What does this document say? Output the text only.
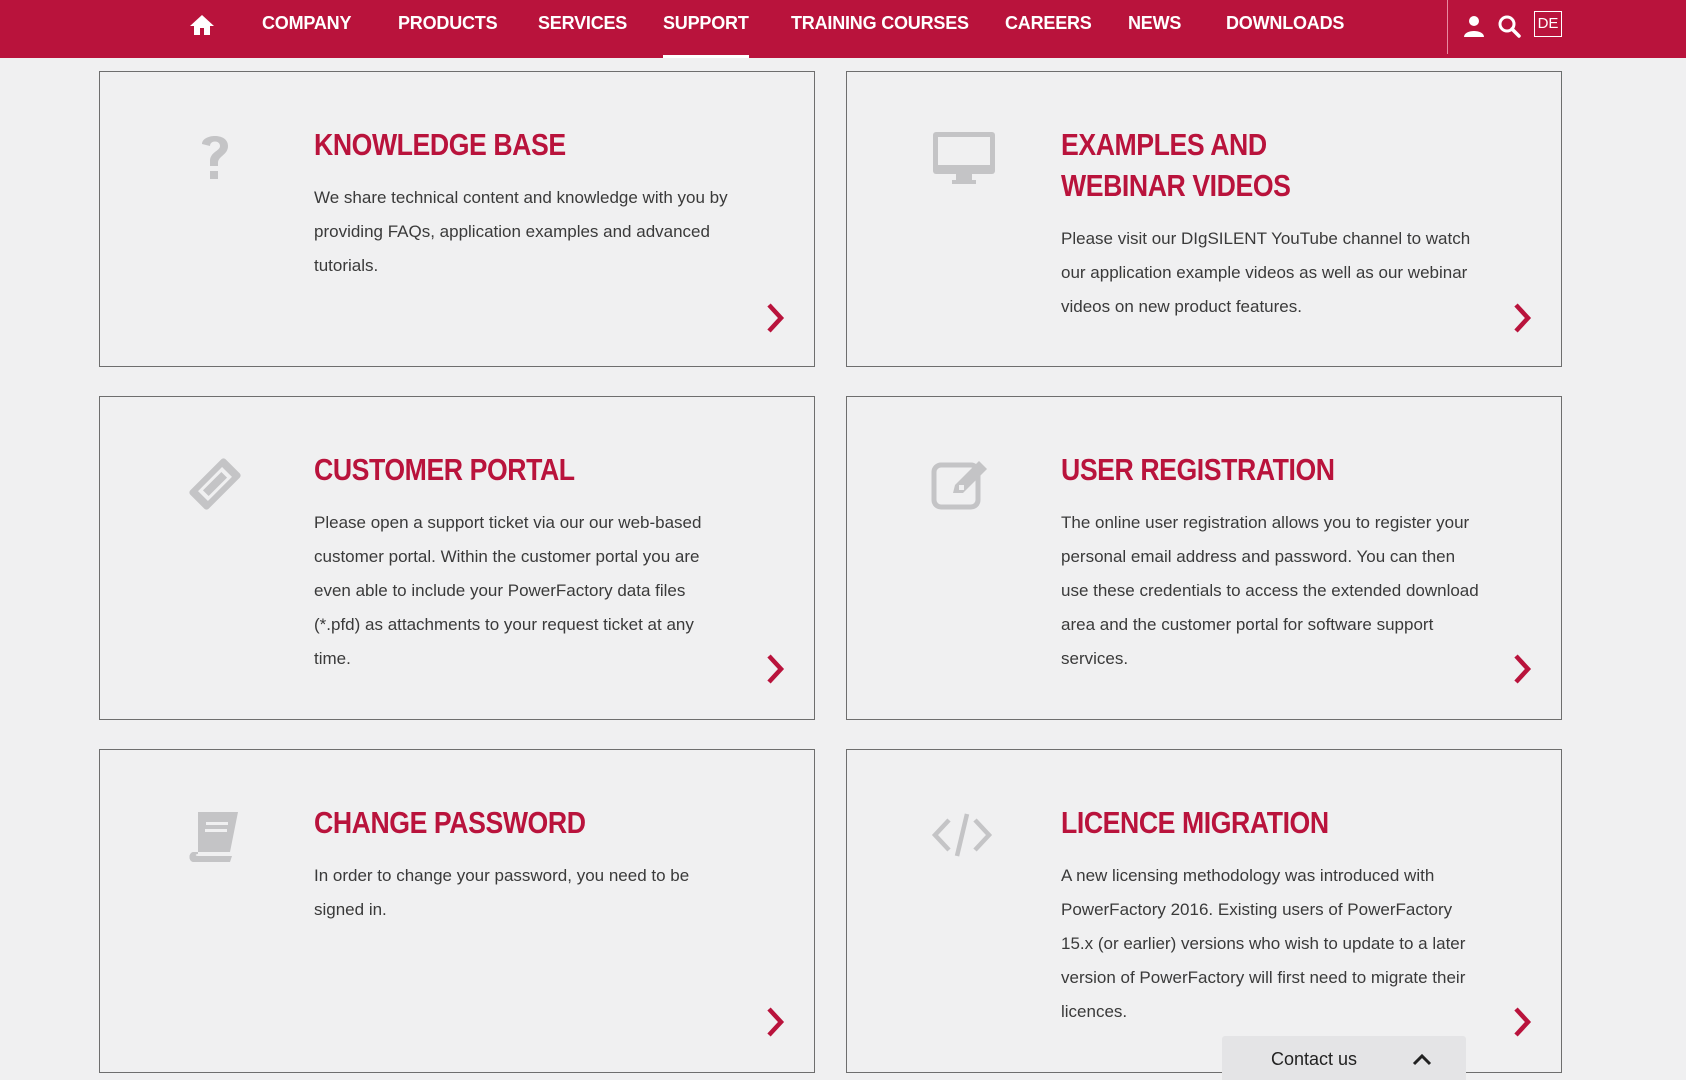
COMPANY	PRODUCTS SERVICES SUPPORT TRAINING COURSES CAREERS NEWS DOWNLOADS	DE
KNOWLEDGE BASE

We share technical content and knowledge with you by providing FAQs, application examples and advanced tutorials.

EXAMPLES AND WEBINAR VIDEOS

Please visit our DIgSILENT YouTube channel to watch our application example videos as well as our webinar videos on new product features.

CUSTOMER PORTAL

Please open a support ticket via our our web-based customer portal. Within the customer portal you are even able to include your PowerFactory data files (*.pfd) as attachments to your request ticket at any time.

USER REGISTRATION

The online user registration allows you to register your personal email address and password. You can then use these credentials to access the extended download area and the customer portal for software support services.

CHANGE PASSWORD

In order to change your password, you need to be signed in.

LICENCE MIGRATION

A new licensing methodology was introduced with PowerFactory 2016. Existing users of PowerFactory 15.x (or earlier) versions who wish to update to a later version of PowerFactory will first need to migrate their licences.

Contact us
